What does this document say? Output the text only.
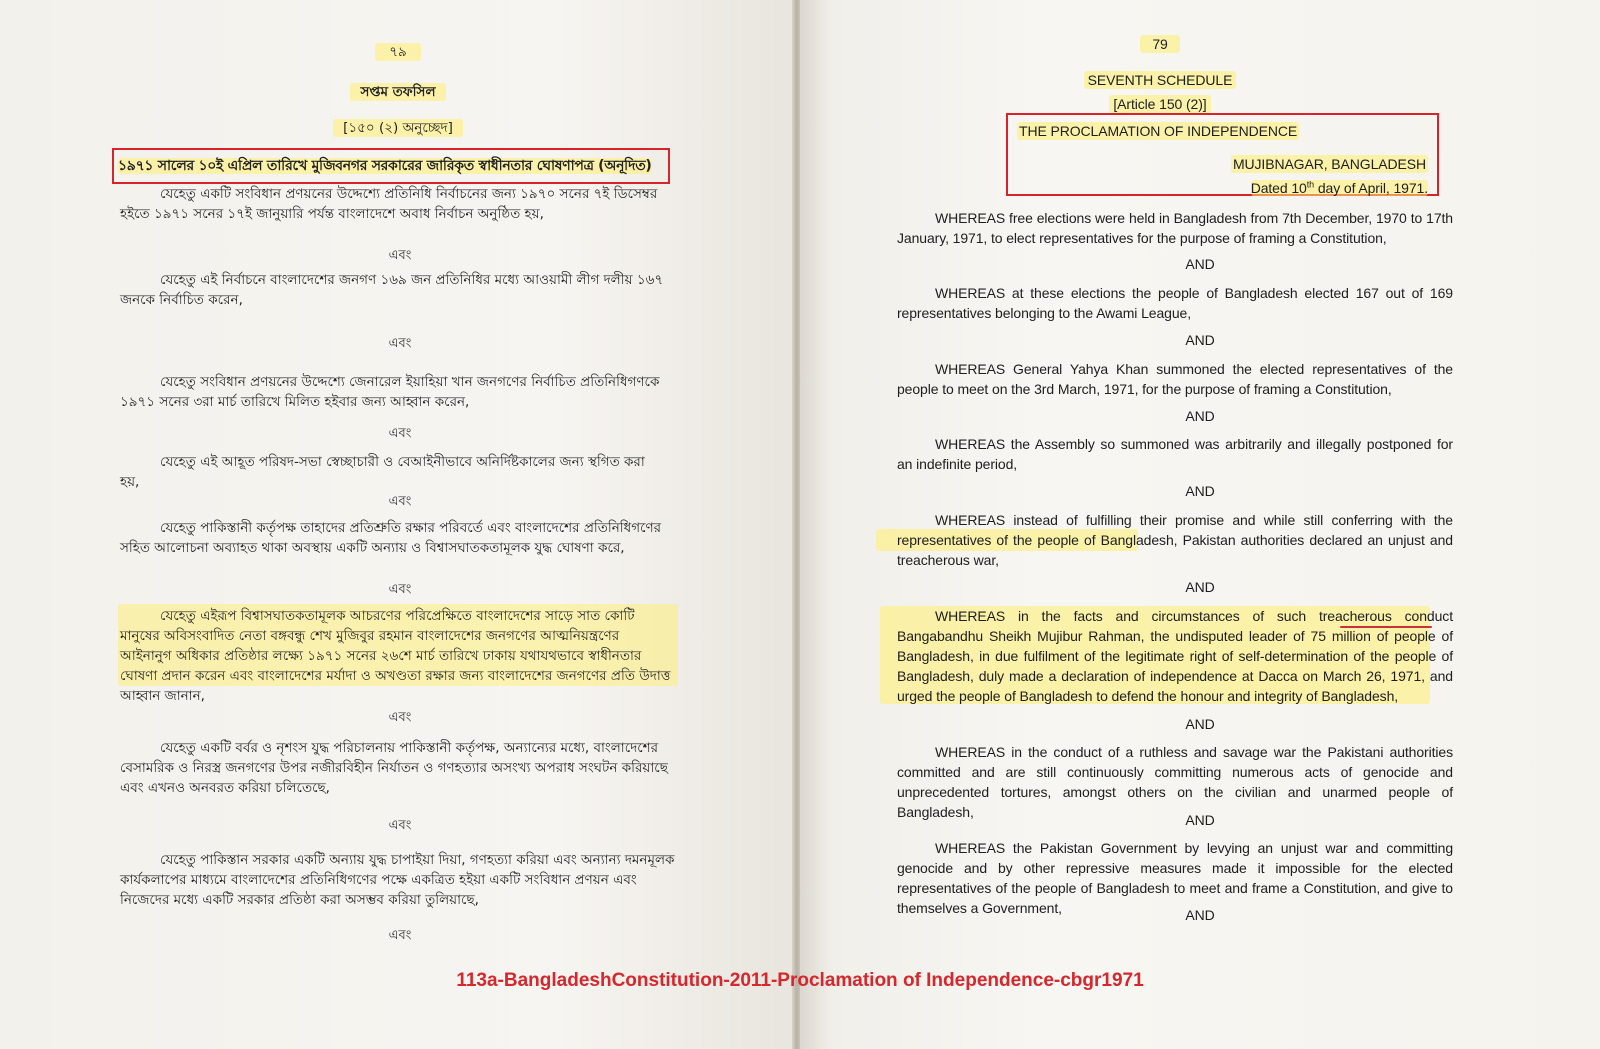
৭৯
সপ্তম তফসিল
[১৫০ (২) অনুচ্ছেদ]
১৯৭১ সালের ১০ই এপ্রিল তারিখে মুজিবনগর সরকারের জারিকৃত স্বাধীনতার ঘোষণাপত্র (অনূদিত)
যেহেতু একটি সংবিধান প্রণয়নের উদ্দেশ্যে প্রতিনিধি নির্বাচনের জন্য ১৯৭০ সনের ৭ই ডিসেম্বর হইতে ১৯৭১ সনের ১৭ই জানুয়ারি পর্যন্ত বাংলাদেশে অবাধ নির্বাচন অনুষ্ঠিত হয়,
এবং
যেহেতু এই নির্বাচনে বাংলাদেশের জনগণ ১৬৯ জন প্রতিনিধির মধ্যে আওয়ামী লীগ দলীয় ১৬৭ জনকে নির্বাচিত করেন,
এবং
যেহেতু সংবিধান প্রণয়নের উদ্দেশ্যে জেনারেল ইয়াহিয়া খান জনগণের নির্বাচিত প্রতিনিধিগণকে ১৯৭১ সনের ৩রা মার্চ তারিখে মিলিত হইবার জন্য আহ্বান করেন,
এবং
যেহেতু এই আহূত পরিষদ-সভা স্বেচ্ছাচারী ও বেআইনীভাবে অনির্দিষ্টকালের জন্য স্থগিত করা হয়,
এবং
যেহেতু পাকিস্তানী কর্তৃপক্ষ তাহাদের প্রতিশ্রুতি রক্ষার পরিবর্তে এবং বাংলাদেশের প্রতিনিধিগণের সহিত আলোচনা অব্যাহত থাকা অবস্থায় একটি অন্যায় ও বিশ্বাসঘাতকতামূলক যুদ্ধ ঘোষণা করে,
এবং
যেহেতু এইরূপ বিশ্বাসঘাতকতামূলক আচরণের পরিপ্রেক্ষিতে বাংলাদেশের সাড়ে সাত কোটি মানুষের অবিসংবাদিত নেতা বঙ্গবন্ধু শেখ মুজিবুর রহমান বাংলাদেশের জনগণের আত্মনিয়ন্ত্রণের আইনানুগ অধিকার প্রতিষ্ঠার লক্ষ্যে ১৯৭১ সনের ২৬শে মার্চ তারিখে ঢাকায় যথাযথভাবে স্বাধীনতার ঘোষণা প্রদান করেন এবং বাংলাদেশের মর্যাদা ও অখণ্ডতা রক্ষার জন্য বাংলাদেশের জনগণের প্রতি উদাত্ত আহ্বান জানান,
এবং
যেহেতু একটি বর্বর ও নৃশংস যুদ্ধ পরিচালনায় পাকিস্তানী কর্তৃপক্ষ, অন্যান্যের মধ্যে, বাংলাদেশের বেসামরিক ও নিরস্ত্র জনগণের উপর নজীরবিহীন নির্যাতন ও গণহত্যার অসংখ্য অপরাধ সংঘটন করিয়াছে এবং এখনও অনবরত করিয়া চলিতেছে,
এবং
যেহেতু পাকিস্তান সরকার একটি অন্যায় যুদ্ধ চাপাইয়া দিয়া, গণহত্যা করিয়া এবং অন্যান্য দমনমূলক কার্যকলাপের মাধ্যমে বাংলাদেশের প্রতিনিধিগণের পক্ষে একত্রিত হইয়া একটি সংবিধান প্রণয়ন এবং নিজেদের মধ্যে একটি সরকার প্রতিষ্ঠা করা অসম্ভব করিয়া তুলিয়াছে,
এবং
79
SEVENTH SCHEDULE
[Article 150 (2)]
THE PROCLAMATION OF INDEPENDENCE
MUJIBNAGAR, BANGLADESH
Dated 10th day of April, 1971.
WHEREAS free elections were held in Bangladesh from 7th December, 1970 to 17th January, 1971, to elect representatives for the purpose of framing a Constitution,
AND
WHEREAS at these elections the people of Bangladesh elected 167 out of 169 representatives belonging to the Awami League,
AND
WHEREAS General Yahya Khan summoned the elected representatives of the people to meet on the 3rd March, 1971, for the purpose of framing a Constitution,
AND
WHEREAS the Assembly so summoned was arbitrarily and illegally postponed for an indefinite period,
AND
WHEREAS instead of fulfilling their promise and while still conferring with the representatives of the people of Bangladesh, Pakistan authorities declared an unjust and treacherous war,
AND
WHEREAS in the facts and circumstances of such treacherous conduct Bangabandhu Sheikh Mujibur Rahman, the undisputed leader of 75 million of people of Bangladesh, in due fulfilment of the legitimate right of self-determination of the people of Bangladesh, duly made a declaration of independence at Dacca on March 26, 1971, and urged the people of Bangladesh to defend the honour and integrity of Bangladesh,
AND
WHEREAS in the conduct of a ruthless and savage war the Pakistani authorities committed and are still continuously committing numerous acts of genocide and unprecedented tortures, amongst others on the civilian and unarmed people of Bangladesh,	AND
WHEREAS the Pakistan Government by levying an unjust war and committing genocide and by other repressive measures made it impossible for the elected representatives of the people of Bangladesh to meet and frame a Constitution, and give to themselves a Government,	AND
113a-BangladeshConstitution-2011-Proclamation of Independence-cbgr1971
